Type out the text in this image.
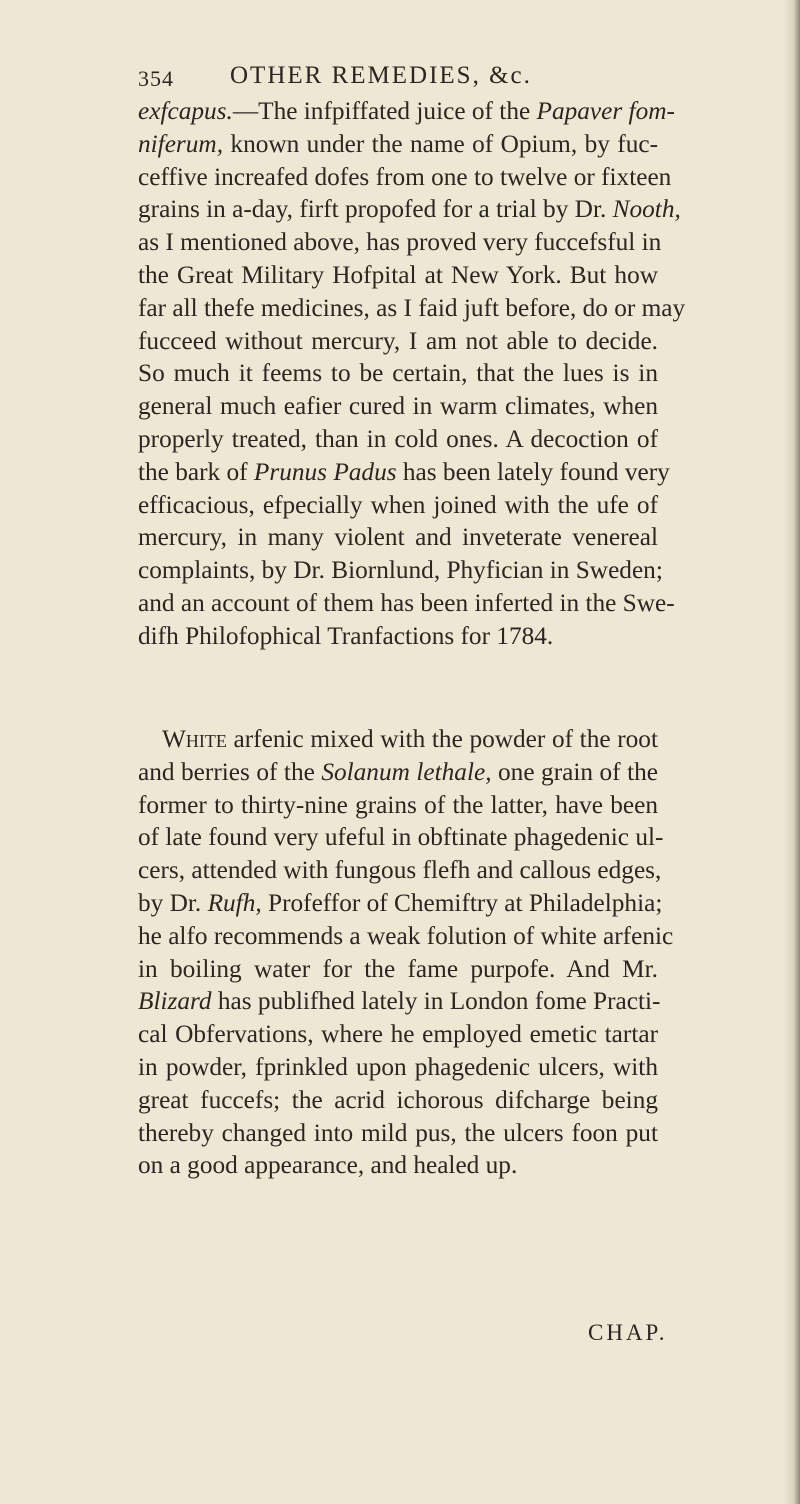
354 OTHER REMEDIES, &c.
exfcapus.—The infpiffated juice of the Papaver fom-
niferum, known under the name of Opium, by fuc-
ceffive increafed dofes from one to twelve or fixteen
grains in a-day, firft propofed for a trial by Dr. Nooth,
as I mentioned above, has proved very fuccefsful in
the Great Military Hofpital at New York. But how
far all thefe medicines, as I faid juft before, do or may
fucceed without mercury, I am not able to decide.
So much it feems to be certain, that the lues is in
general much eafier cured in warm climates, when
properly treated, than in cold ones. A decoction of
the bark of Prunus Padus has been lately found very
efficacious, efpecially when joined with the ufe of
mercury, in many violent and inveterate venereal
complaints, by Dr. Biornlund, Phyfician in Sweden;
and an account of them has been inferted in the Swe-
difh Philofophical Tranfactions for 1784.
White arfenic mixed with the powder of the root
and berries of the Solanum lethale, one grain of the
former to thirty-nine grains of the latter, have been
of late found very ufeful in obftinate phagedenic ul-
cers, attended with fungous flefh and callous edges,
by Dr. Rufh, Profeffor of Chemiftry at Philadelphia;
he alfo recommends a weak folution of white arfenic
in boiling water for the fame purpofe. And Mr.
Blizard has publifhed lately in London fome Practi-
cal Obfervations, where he employed emetic tartar
in powder, fprinkled upon phagedenic ulcers, with
great fuccefs; the acrid ichorous difcharge being
thereby changed into mild pus, the ulcers foon put
on a good appearance, and healed up.
CHAP.
